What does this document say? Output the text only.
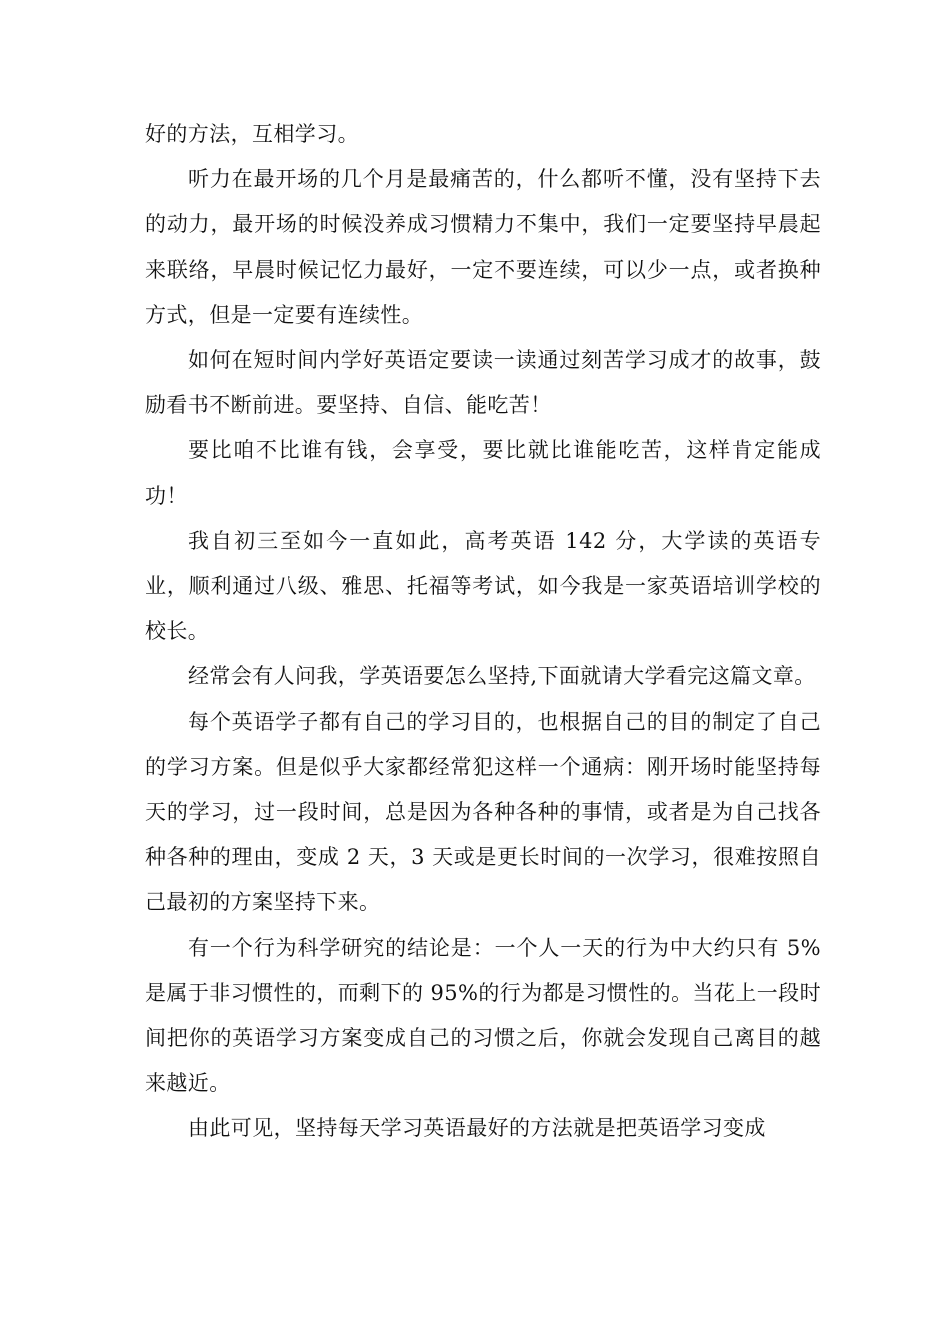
好的方法，互相学习。

听力在最开场的几个月是最痛苦的，什么都听不懂，没有坚持下去的动力，最开场的时候没养成习惯精力不集中，我们一定要坚持早晨起来联络，早晨时候记忆力最好，一定不要连续，可以少一点，或者换种方式，但是一定要有连续性。

如何在短时间内学好英语定要读一读通过刻苦学习成才的故事，鼓励看书不断前进。要坚持、自信、能吃苦！

要比咱不比谁有钱，会享受，要比就比谁能吃苦，这样肯定能成功！

我自初三至如今一直如此，高考英语 142 分，大学读的英语专业，顺利通过八级、雅思、托福等考试，如今我是一家英语培训学校的校长。

经常会有人问我，学英语要怎么坚持,下面就请大学看完这篇文章。

每个英语学子都有自己的学习目的，也根据自己的目的制定了自己的学习方案。但是似乎大家都经常犯这样一个通病：刚开场时能坚持每天的学习，过一段时间，总是因为各种各种的事情，或者是为自己找各种各种的理由，变成 2 天，3 天或是更长时间的一次学习，很难按照自己最初的方案坚持下来。

有一个行为科学研究的结论是：一个人一天的行为中大约只有 5%是属于非习惯性的，而剩下的 95%的行为都是习惯性的。当花上一段时间把你的英语学习方案变成自己的习惯之后，你就会发现自己离目的越来越近。

由此可见，坚持每天学习英语最好的方法就是把英语学习变成
